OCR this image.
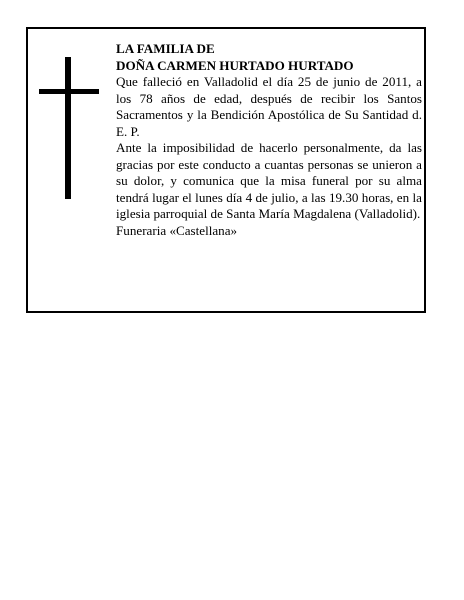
LA FAMILIA DE

DOÑA CARMEN HURTADO HURTADO

Que falleció en Valladolid el día 25 de junio de 2011, a los 78 años de edad, después de recibir los Santos Sacramentos y la Bendición Apostólica de Su Santidad d. E. P.

Ante la imposibilidad de hacerlo personalmente, da las gracias por este conducto a cuantas personas se unieron a su dolor, y comunica que la misa funeral por su alma tendrá lugar el lunes día 4 de julio, a las 19.30 horas, en la iglesia parroquial de Santa María Magdalena (Valladolid).

Funeraria «Castellana»
